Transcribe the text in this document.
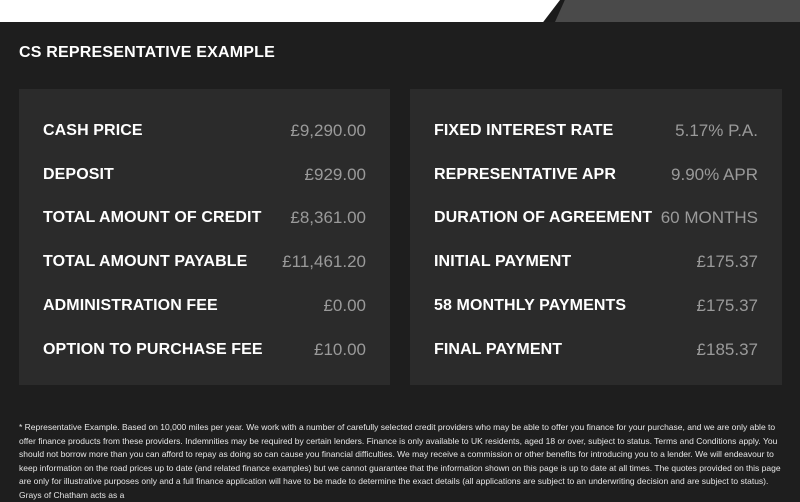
CS REPRESENTATIVE EXAMPLE
CASH PRICE	£9,290.00
DEPOSIT	£929.00
TOTAL AMOUNT OF CREDIT £8,361.00
TOTAL AMOUNT PAYABLE £11,461.20
ADMINISTRATION FEE	£0.00
OPTION TO PURCHASE FEE	£10.00
FIXED INTEREST RATE	5.17% P.A.
REPRESENTATIVE APR	9.90% APR
DURATION OF AGREEMENT 60 MONTHS
INITIAL PAYMENT	£175.37
58 MONTHLY PAYMENTS	£175.37
FINAL PAYMENT	£185.37

* Representative Example. Based on 10,000 miles per year. We work with a number of carefully selected credit providers who may be able to offer you finance for your purchase, and we are only able to offer finance products from these providers. Indemnities may be required by certain lenders. Finance is only available to UK residents, aged 18 or over, subject to status. Terms and Conditions apply. You should not borrow more than you can afford to repay as doing so can cause you financial difficulties. We may receive a commission or other benefits for introducing you to a lender. We will endeavour to keep information on the road prices up to date (and related finance examples) but we cannot guarantee that the information shown on this page is up to date at all times. The quotes provided on this page are only for illustrative purposes only and a full finance application will have to be made to determine the exact details (all applications are subject to an underwriting decision and are subject to status). Grays of Chatham acts as a
